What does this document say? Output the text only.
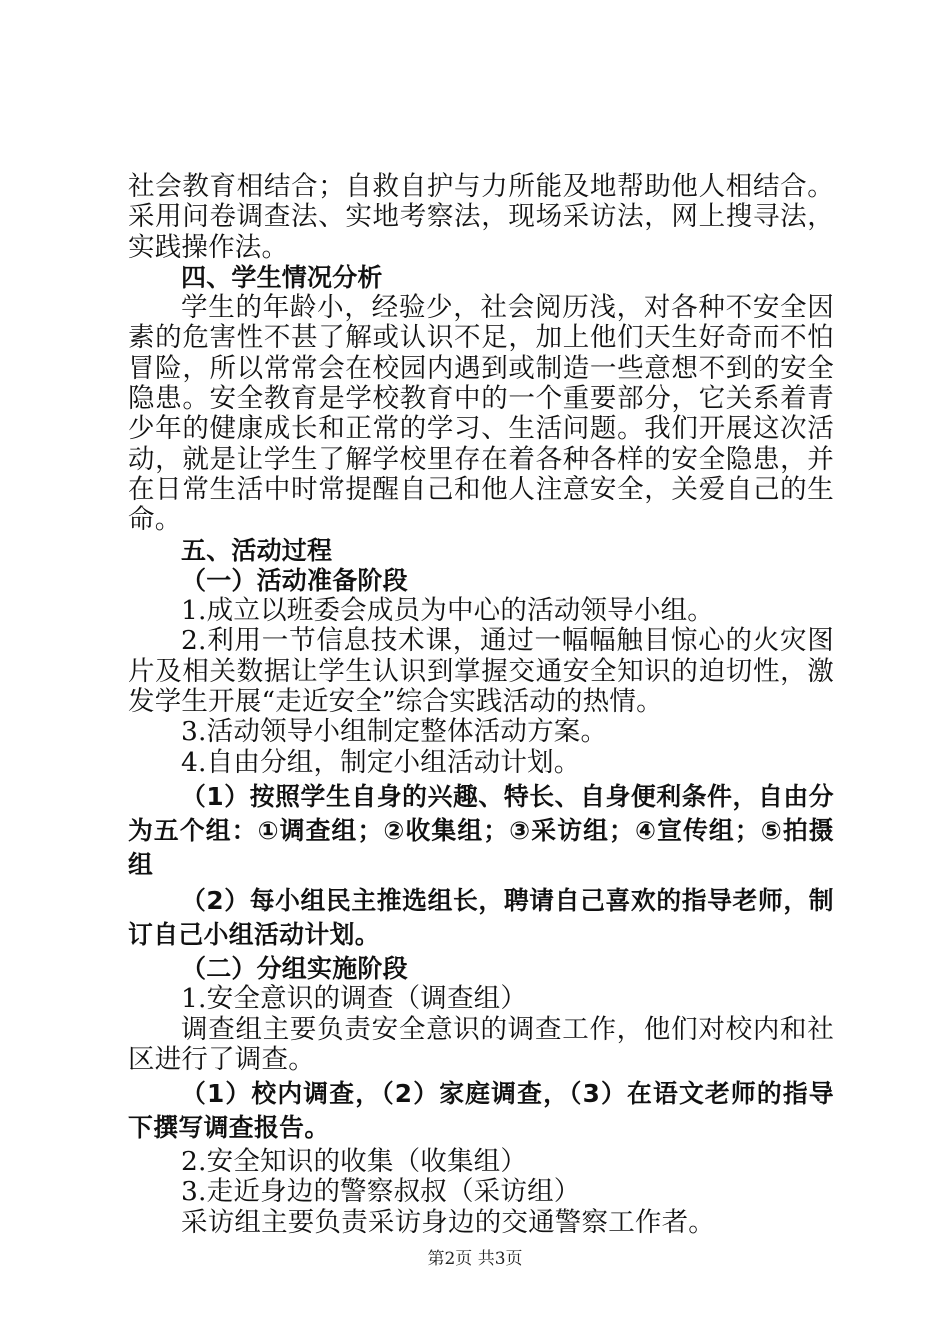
社会教育相结合；自救自护与力所能及地帮助他人相结合。采用问卷调查法、实地考察法，现场采访法，网上搜寻法，实践操作法。

四、学生情况分析

学生的年龄小，经验少，社会阅历浅，对各种不安全因素的危害性不甚了解或认识不足，加上他们天生好奇而不怕冒险，所以常常会在校园内遇到或制造一些意想不到的安全隐患。安全教育是学校教育中的一个重要部分，它关系着青少年的健康成长和正常的学习、生活问题。我们开展这次活动，就是让学生了解学校里存在着各种各样的安全隐患，并在日常生活中时常提醒自己和他人注意安全，关爱自己的生命。

五、活动过程

（一）活动准备阶段

1.成立以班委会成员为中心的活动领导小组。

2.利用一节信息技术课，通过一幅幅触目惊心的火灾图片及相关数据让学生认识到掌握交通安全知识的迫切性，激发学生开展“走近安全”综合实践活动的热情。

3.活动领导小组制定整体活动方案。

4.自由分组，制定小组活动计划。

（1）按照学生自身的兴趣、特长、自身便利条件，自由分为五个组：①调查组；②收集组；③采访组；④宣传组；⑤拍摄组

（2）每小组民主推选组长，聘请自己喜欢的指导老师，制订自己小组活动计划。

（二）分组实施阶段

1.安全意识的调查（调查组）

调查组主要负责安全意识的调查工作，他们对校内和社区进行了调查。

（1）校内调查，（2）家庭调查，（3）在语文老师的指导下撰写调查报告。

2.安全知识的收集（收集组）

3.走近身边的警察叔叔（采访组）

采访组主要负责采访身边的交通警察工作者。

第2页 共3页
